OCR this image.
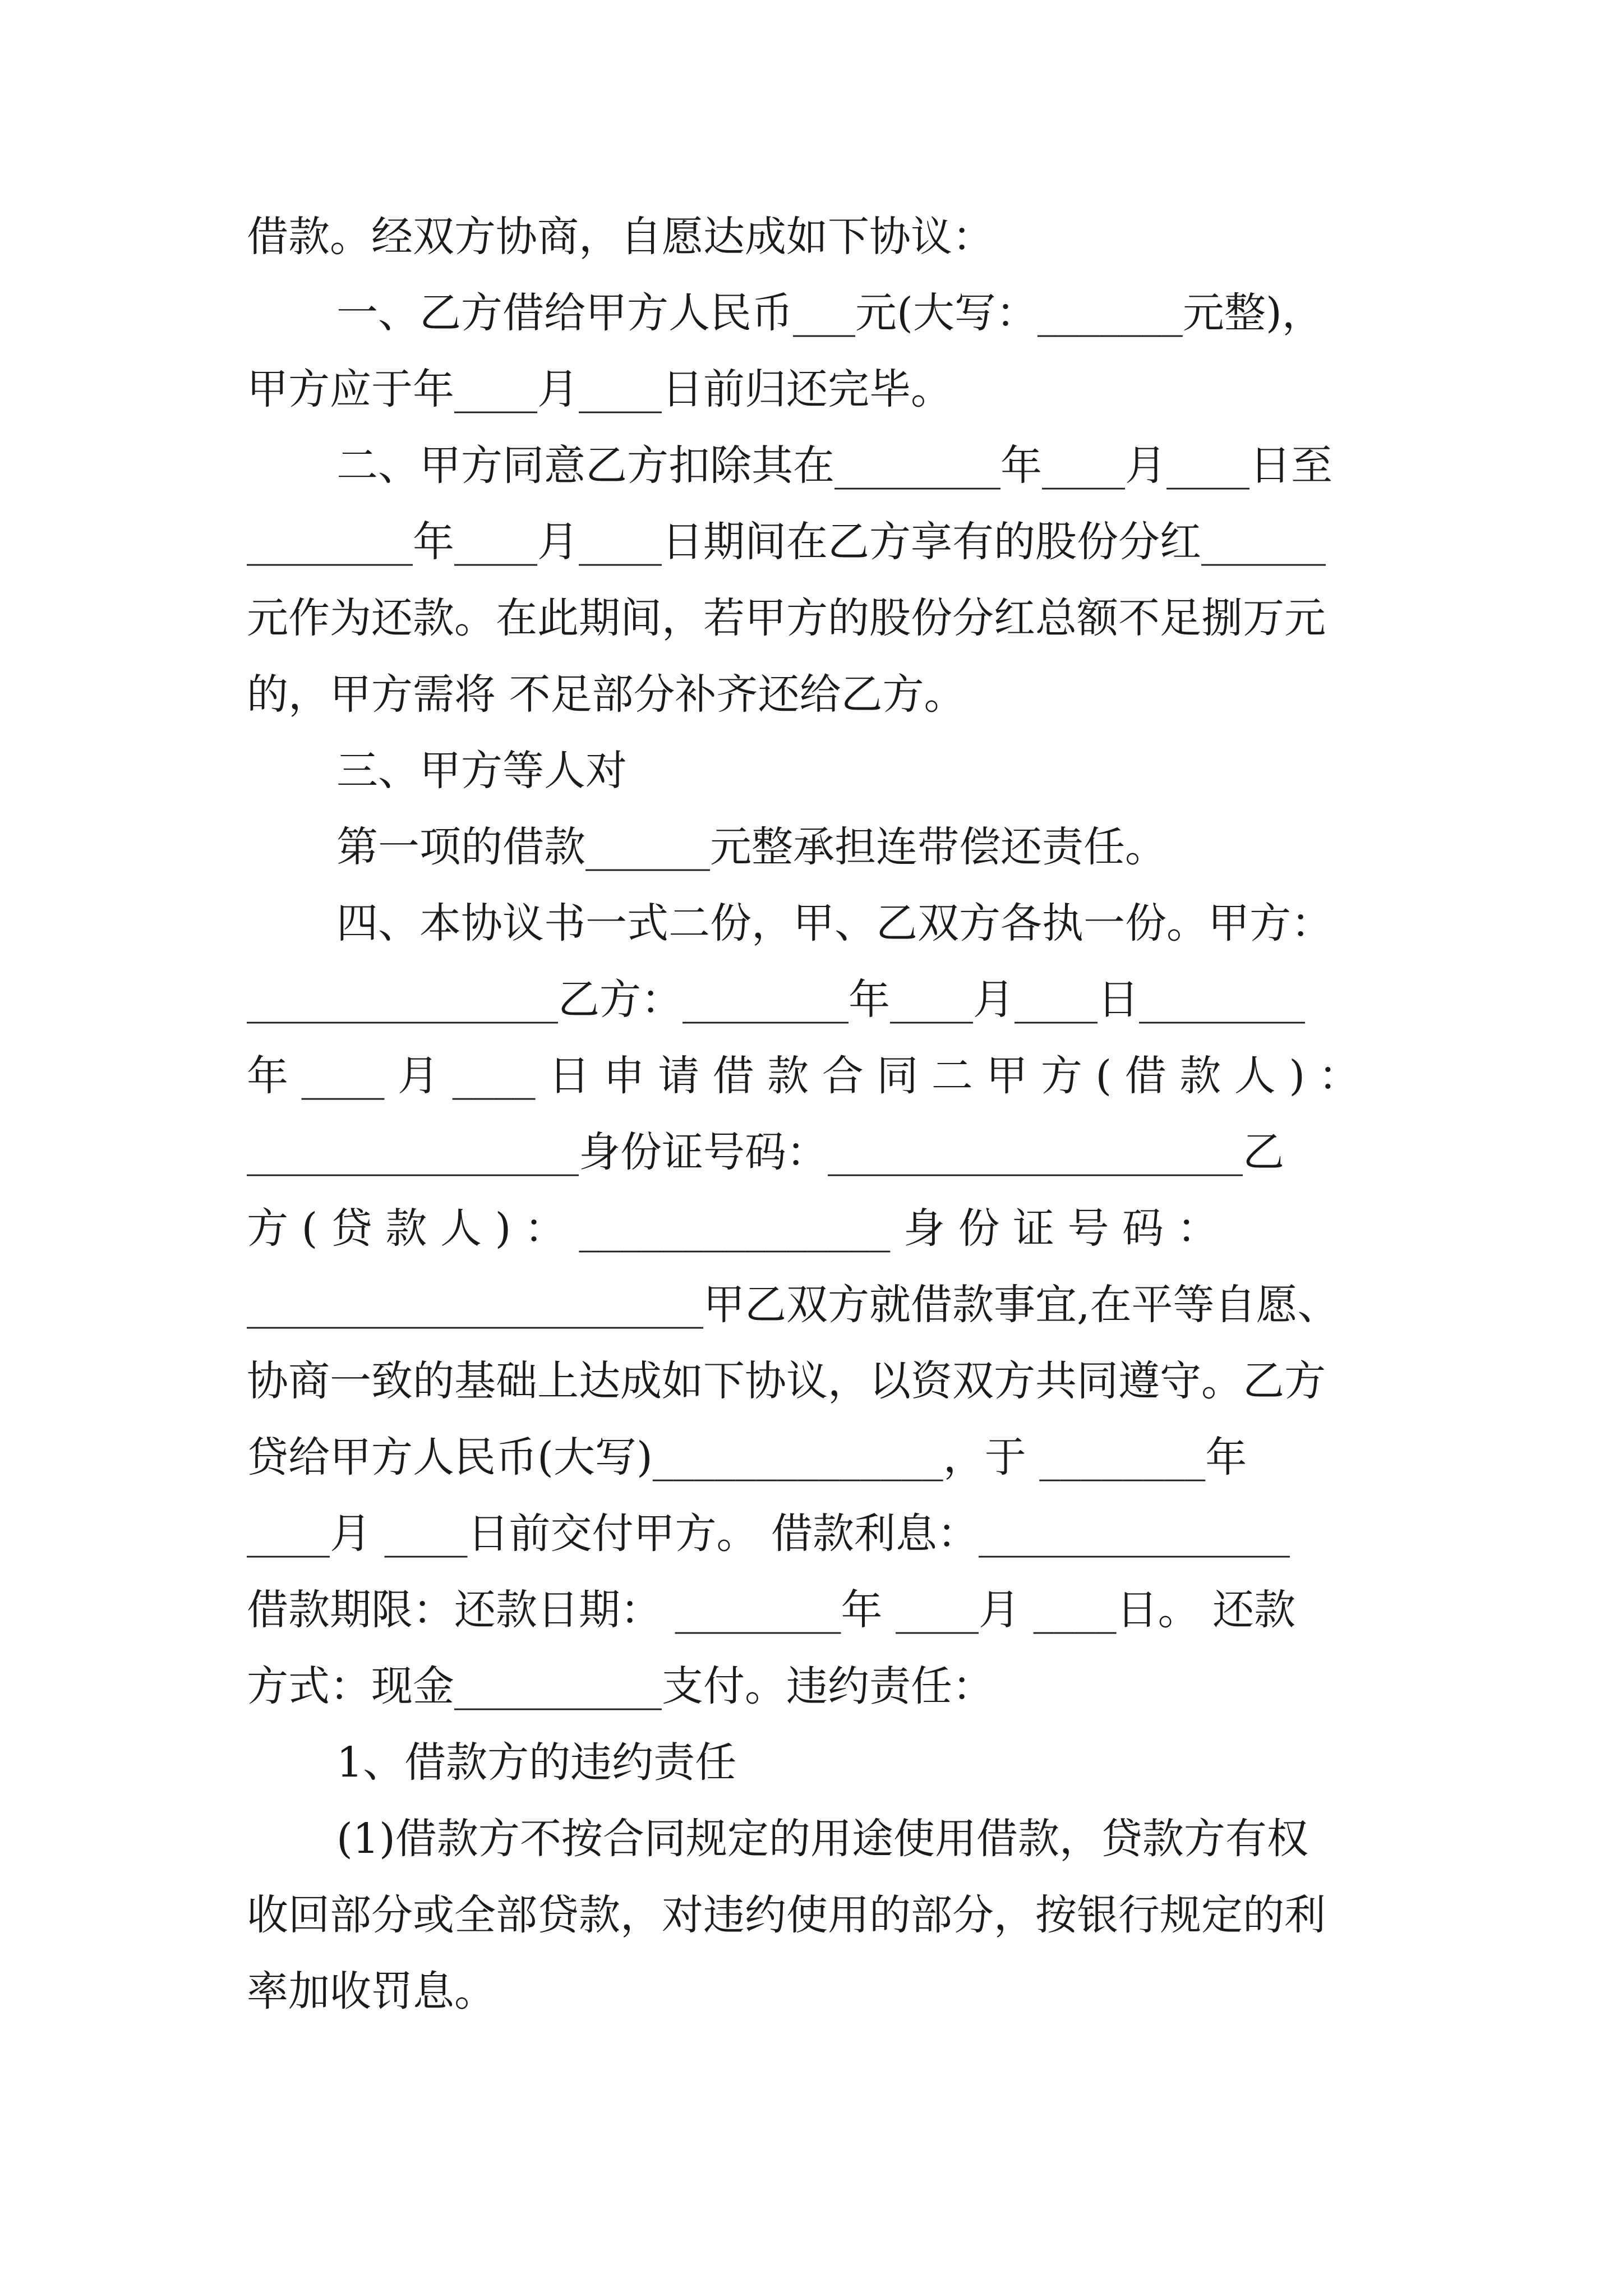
借款。经双方协商，自愿达成如下协议：

一、乙方借给甲方人民币___元(大写：_______元整)，

甲方应于年____月____日前归还完毕。

二、甲方同意乙方扣除其在________年____月____日至

________年____月____日期间在乙方享有的股份分红______

元作为还款。在此期间，若甲方的股份分红总额不足捌万元

的，甲方需将 不足部分补齐还给乙方。

三、甲方等人对

第一项的借款______元整承担连带偿还责任。

四、本协议书一式二份，甲、乙双方各执一份。甲方：

_______________乙方：________年____月____日________

年 ____ 月 ____ 日 申 请 借 款 合 同 二 甲 方 ( 借 款 人 ) ：

________________身份证号码：____________________乙

方 ( 贷 款 人 ) ： _______________ 身 份 证 号 码 ：

______________________甲乙双方就借款事宜,在平等自愿、

协商一致的基础上达成如下协议，以资双方共同遵守。乙方

贷给甲方人民币(大写)______________，于 ________年

____月 ____日前交付甲方。 借款利息：_______________

借款期限：还款日期： ________年 ____月 ____日。 还款

方式：现金__________支付。违约责任：

1、借款方的违约责任

(1)借款方不按合同规定的用途使用借款，贷款方有权

收回部分或全部贷款，对违约使用的部分，按银行规定的利

率加收罚息。
